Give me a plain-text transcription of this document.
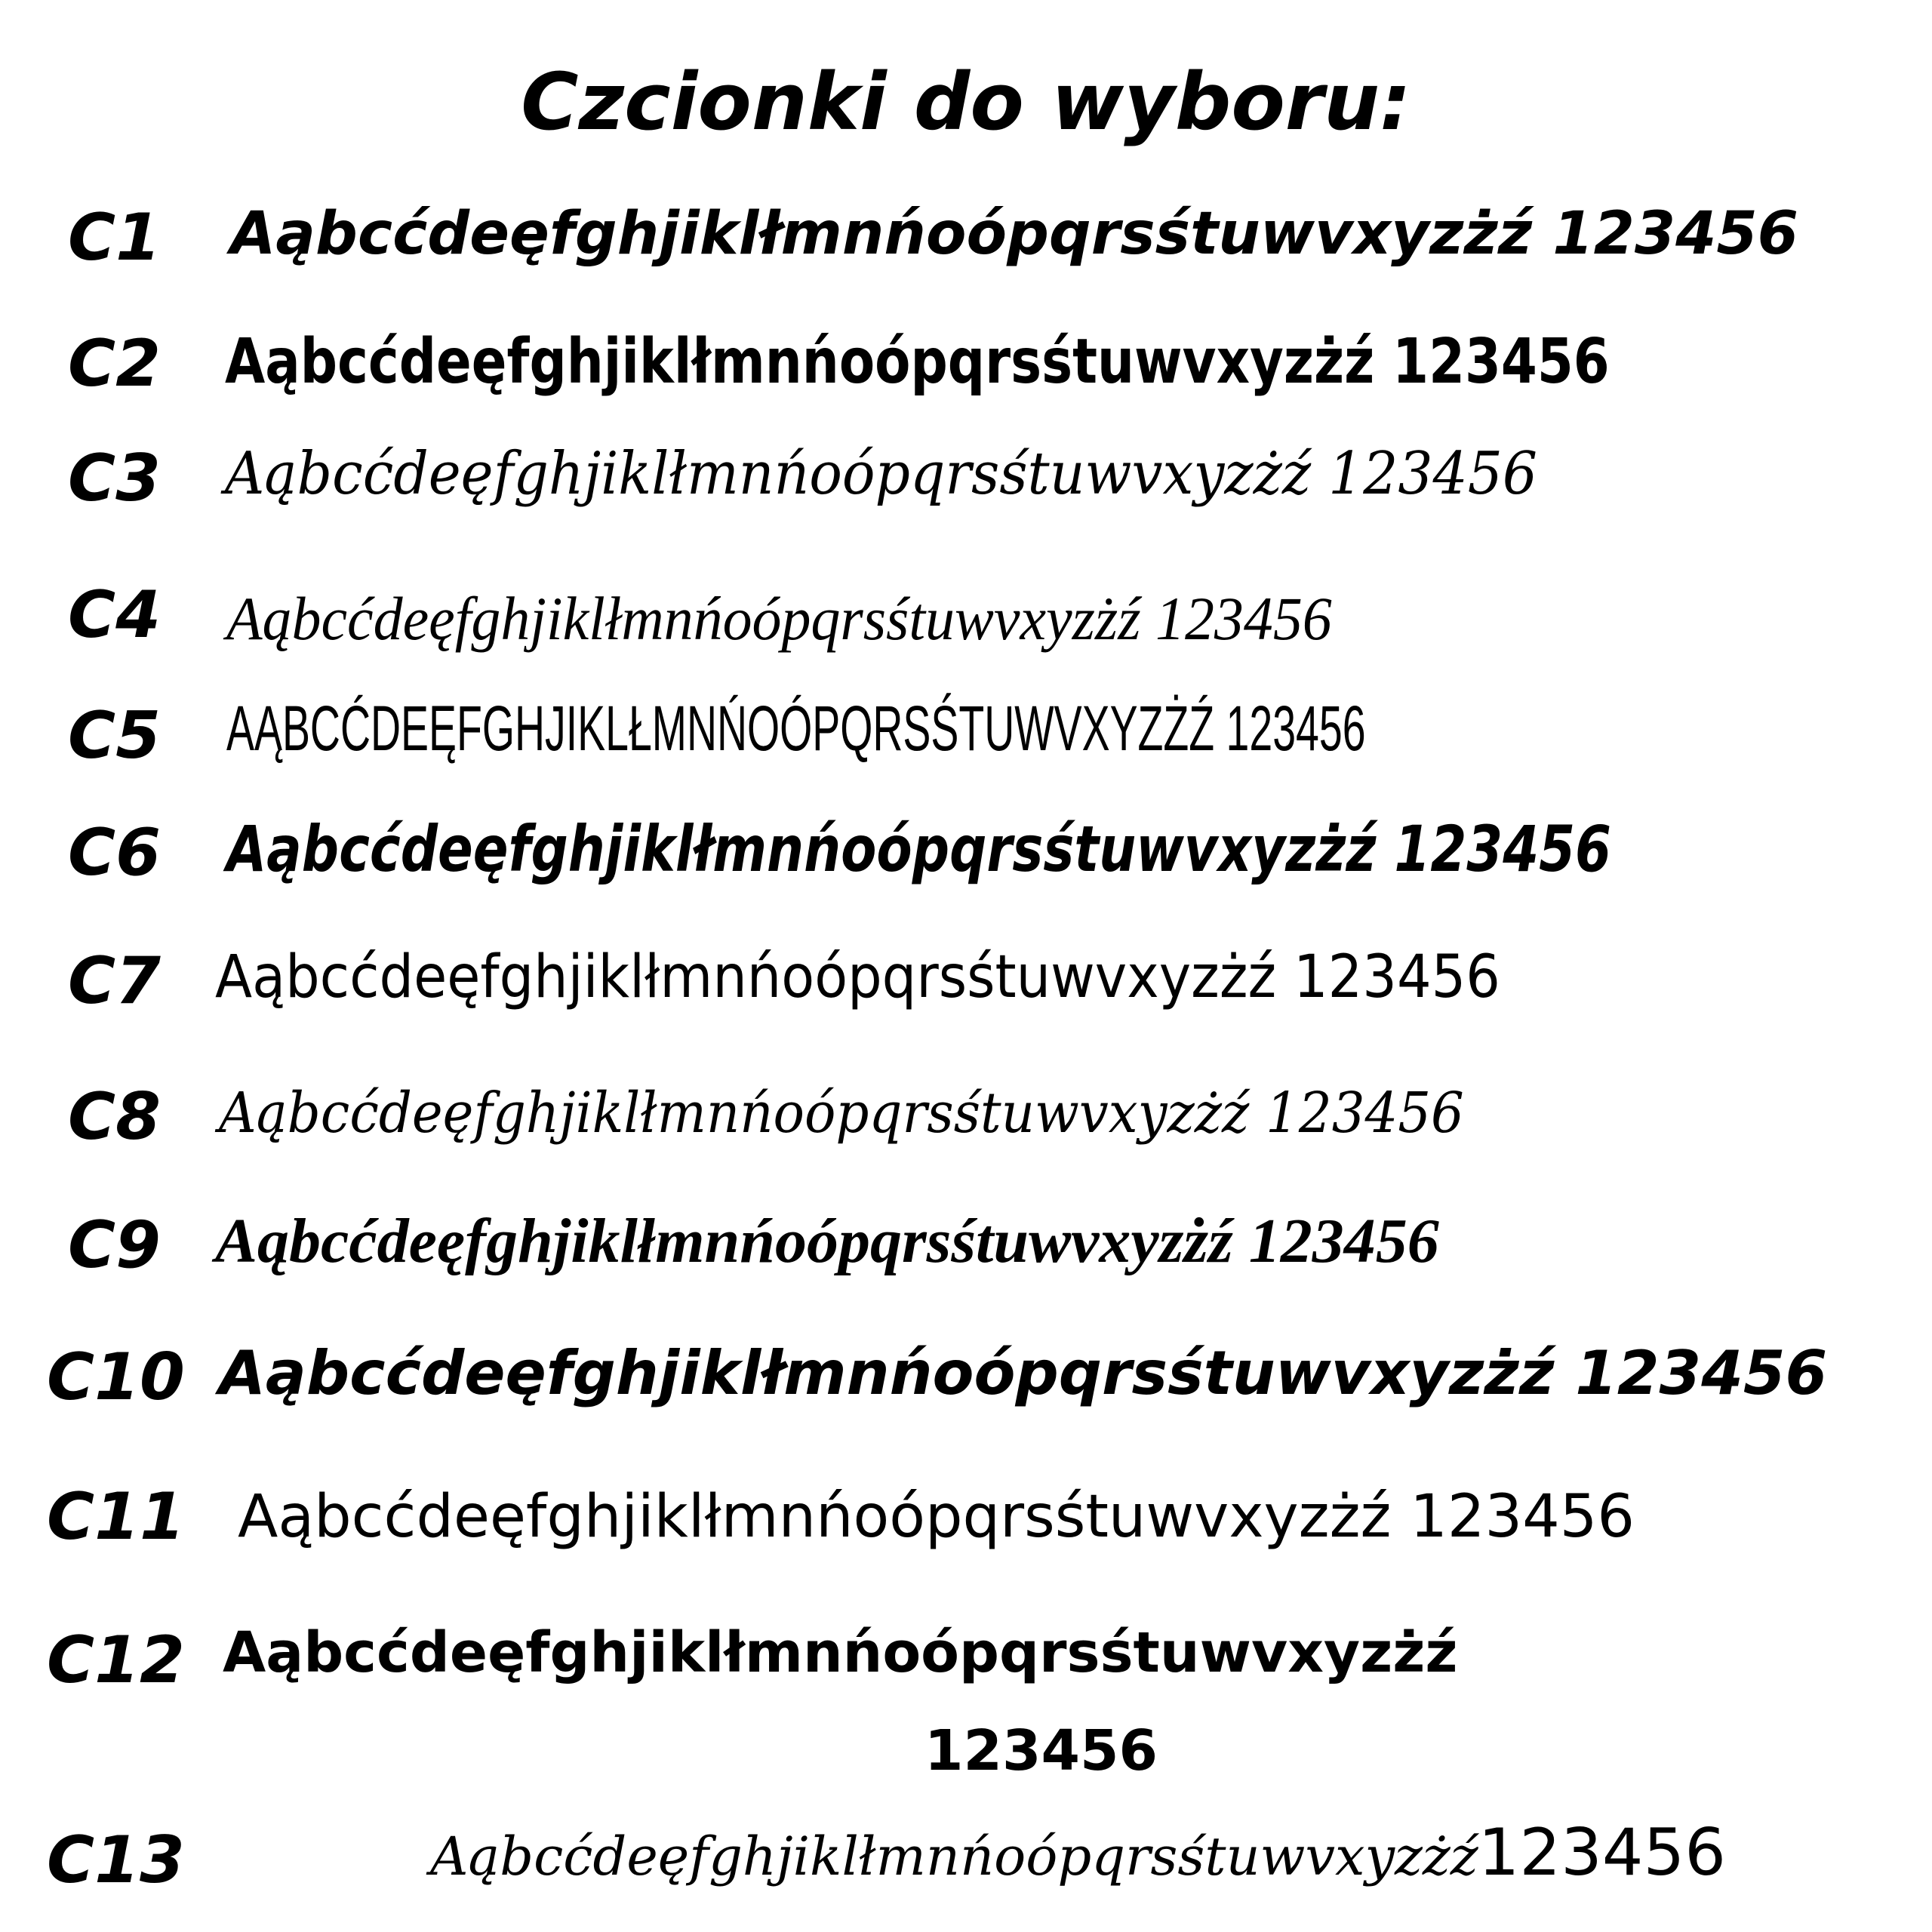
Czcionki do wyboru:
C1 Aąbcćdeęfghjiklłmnńoópqrsśtuwvxyzżź 123456
C2 Aąbcćdeęfghjiklłmnńoópqrsśtuwvxyzżź 123456
C3 Aąbcćdeęfghjiklłmnńoópqrsśtuwvxyzżź 123456
C4 Aąbcćdeęfghjiklłmnńoópqrsśtuwvxyzżź 123456
C5 AĄBCĆDEĘFGHJIKLŁMNŃOÓPQRSŚTUWVXYZŻŹ 123456
C6 Aąbcćdeęfghjiklłmnńoópqrsśtuwvxyzżź 123456
C7 Aąbcćdeęfghjiklłmnńoópqrsśtuwvxyzżź 123456
C8 Aąbcćdeęfghjiklłmnńoópqrsśtuwvxyzżź 123456
C9 Aąbcćdeęfghjiklłmnńoópqrsśtuwvxyzżź 123456
C10 Aąbcćdeęfghjiklłmnńoópqrsśtuwvxyzżź 123456
C11 Aąbcćdeęfghjiklłmnńoópqrsśtuwvxyzżź 123456
C12 Aąbcćdeęfghjiklłmnńoópqrsśtuwvxyzżź
123456
C13	Aąbcćdeęfghjiklłmnńoópqrsśtuwvxyzżź123456
